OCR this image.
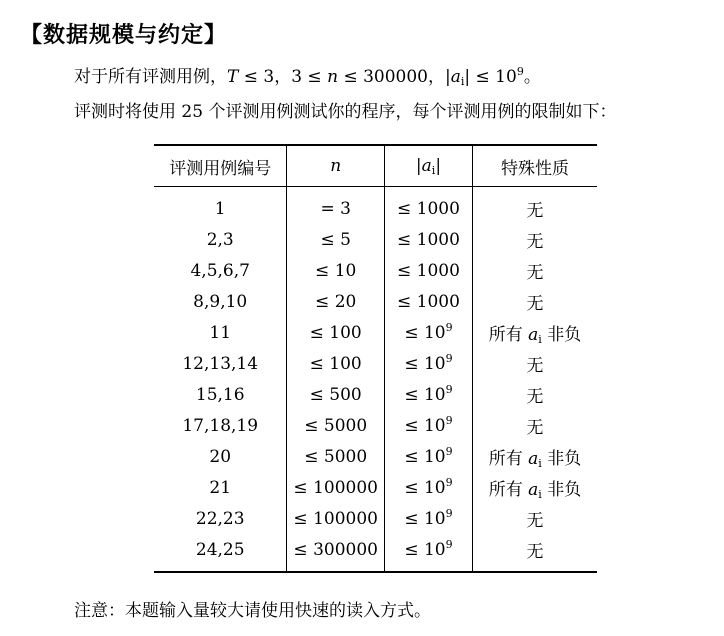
【数据规模与约定】
对于所有评测用例，T ≤ 3，3 ≤ n ≤ 300000，$|a_i| \le 10^9$。
评测时将使用 25 个评测用例测试你的程序，每个评测用例的限制如下：
评测用例编号	n	$|a_i|$	特殊性质
1	= 3	≤ 1000	无
2,3	≤ 5	≤ 1000	无
4,5,6,7	≤ 10	≤ 1000	无
8,9,10	≤ 20	≤ 1000	无
11	≤ 100	≤ $10^9$	所有 $a_i$ 非负
12,13,14	≤ 100	≤ $10^9$	无
15,16	≤ 500	≤ $10^9$	无
17,18,19	≤ 5000	≤ $10^9$	无
20	≤ 5000	≤ $10^9$	所有 $a_i$ 非负
21	≤ 100000	≤ $10^9$	所有 $a_i$ 非负
22,23	≤ 100000	≤ $10^9$	无
24,25	≤ 300000	≤ $10^9$	无
注意：本题输入量较大请使用快速的读入方式。
